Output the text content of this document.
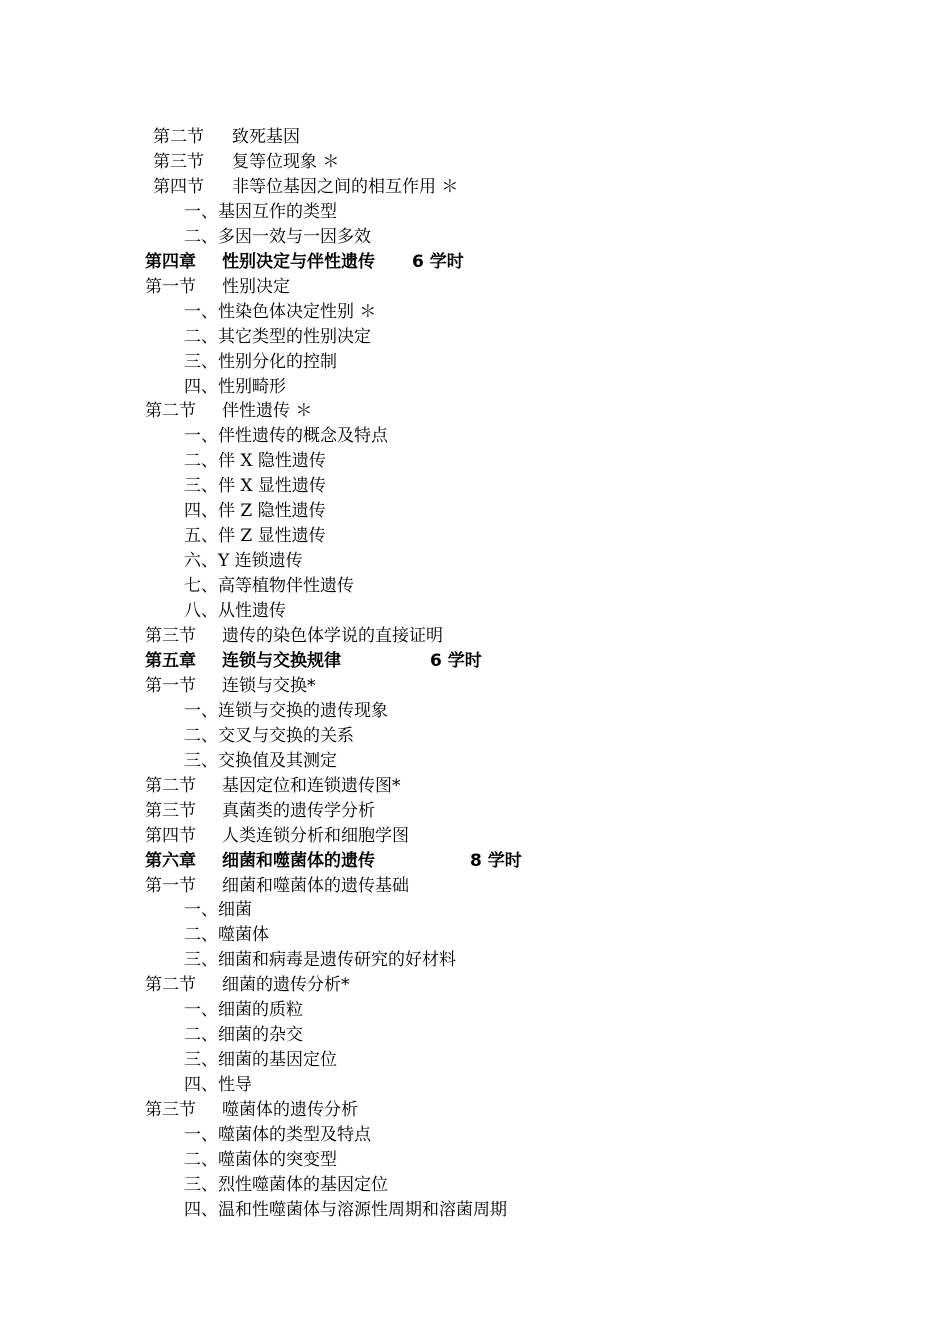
第二节 致死基因
第三节 复等位现象 ＊
第四节 非等位基因之间的相互作用 ＊
一、基因互作的类型
二、多因一效与一因多效
第四章 性别决定与伴性遗传 6 学时
第一节 性别决定
一、性染色体决定性别 ＊
二、其它类型的性别决定
三、性别分化的控制
四、性别畸形
第二节 伴性遗传 ＊
一、伴性遗传的概念及特点
二、伴 X 隐性遗传
三、伴 X 显性遗传
四、伴 Z 隐性遗传
五、伴 Z 显性遗传
六、Y 连锁遗传
七、高等植物伴性遗传
八、从性遗传
第三节 遗传的染色体学说的直接证明
第五章 连锁与交换规律	6 学时
第一节 连锁与交换*
一、连锁与交换的遗传现象
二、交叉与交换的关系
三、交换值及其测定
第二节 基因定位和连锁遗传图*
第三节 真菌类的遗传学分析
第四节 人类连锁分析和细胞学图
第六章 细菌和噬菌体的遗传	8 学时
第一节 细菌和噬菌体的遗传基础
一、细菌
二、噬菌体
三、细菌和病毒是遗传研究的好材料
第二节 细菌的遗传分析*
一、细菌的质粒
二、细菌的杂交
三、细菌的基因定位
四、性导
第三节 噬菌体的遗传分析
一、噬菌体的类型及特点
二、噬菌体的突变型
三、烈性噬菌体的基因定位
四、温和性噬菌体与溶源性周期和溶菌周期
